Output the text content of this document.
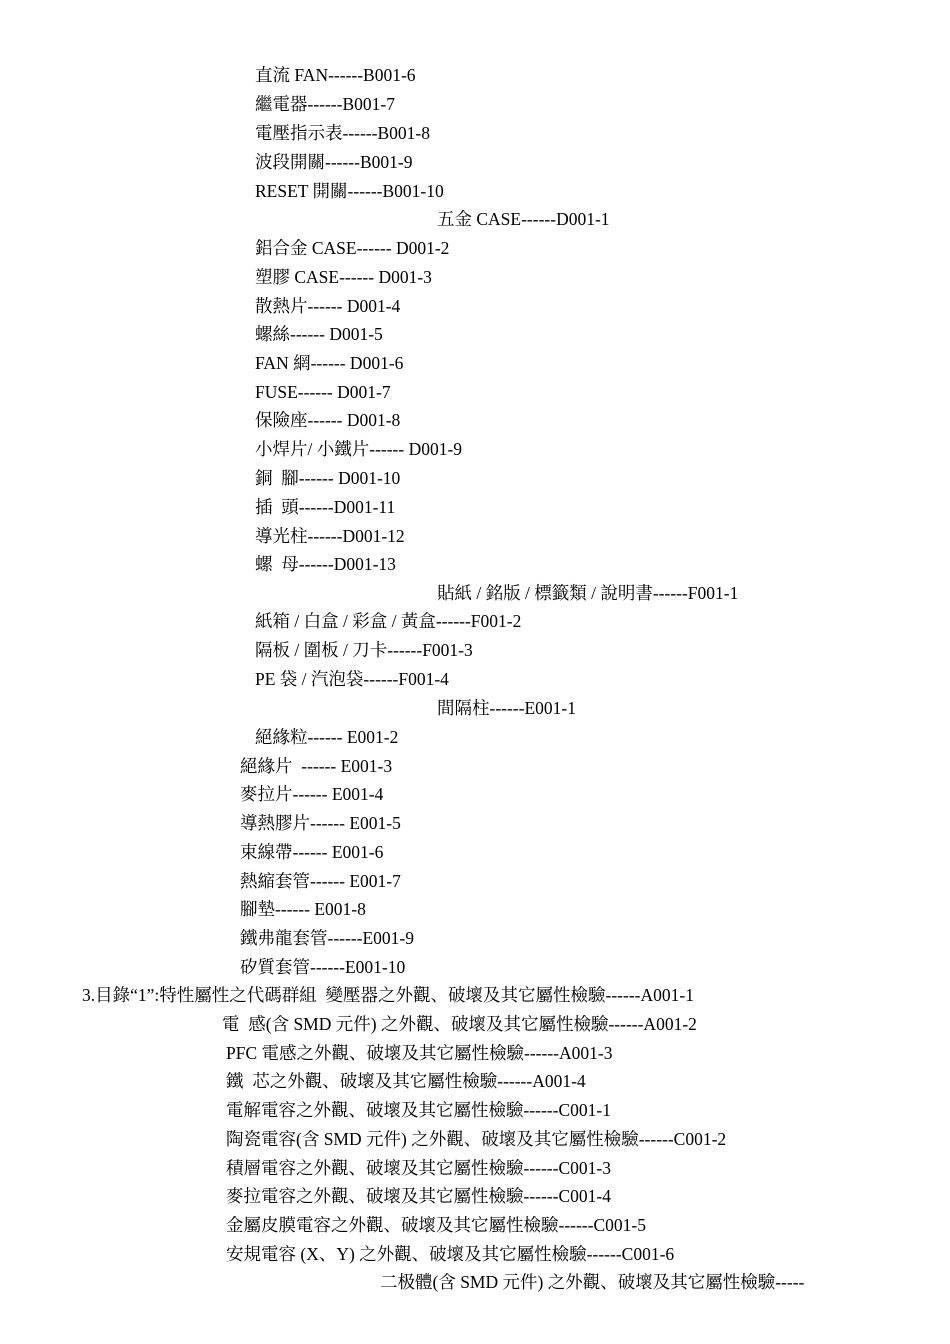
直流 FAN------B001-6

繼電器------B001-7

電壓指示表------B001-8

波段開關------B001-9

RESET 開關------B001-10

五金 CASE------D001-1

鋁合金 CASE------ D001-2

塑膠 CASE------ D001-3

散熱片------ D001-4

螺絲------ D001-5

FAN 網------ D001-6

FUSE------ D001-7

保險座------ D001-8

小焊片/ 小鐵片------ D001-9

銅  腳------ D001-10

插  頭------D001-11

導光柱------D001-12

螺  母------D001-13

貼紙 / 銘版 / 標籤類 / 說明書------F001-1

紙箱 / 白盒 / 彩盒 / 黃盒------F001-2

隔板 / 圍板 / 刀卡------F001-3

PE 袋 / 汽泡袋------F001-4

間隔柱------E001-1

絕緣粒------ E001-2

絕緣片  ------ E001-3

麥拉片------ E001-4

導熱膠片------ E001-5

束線帶------ E001-6

熱縮套管------ E001-7

腳墊------ E001-8

鐵弗龍套管------E001-9

矽質套管------E001-10

3.目錄“1”:特性屬性之代碼群組  變壓器之外觀、破壞及其它屬性檢驗------A001-1

電  感(含 SMD 元件) 之外觀、破壞及其它屬性檢驗------A001-2

PFC 電感之外觀、破壞及其它屬性檢驗------A001-3

鐵  芯之外觀、破壞及其它屬性檢驗------A001-4

電解電容之外觀、破壞及其它屬性檢驗------C001-1

陶瓷電容(含 SMD 元件) 之外觀、破壞及其它屬性檢驗------C001-2

積層電容之外觀、破壞及其它屬性檢驗------C001-3

麥拉電容之外觀、破壞及其它屬性檢驗------C001-4

金屬皮膜電容之外觀、破壞及其它屬性檢驗------C001-5

安規電容 (X、Y) 之外觀、破壞及其它屬性檢驗------C001-6

二极體(含 SMD 元件) 之外觀、破壞及其它屬性檢驗-----
